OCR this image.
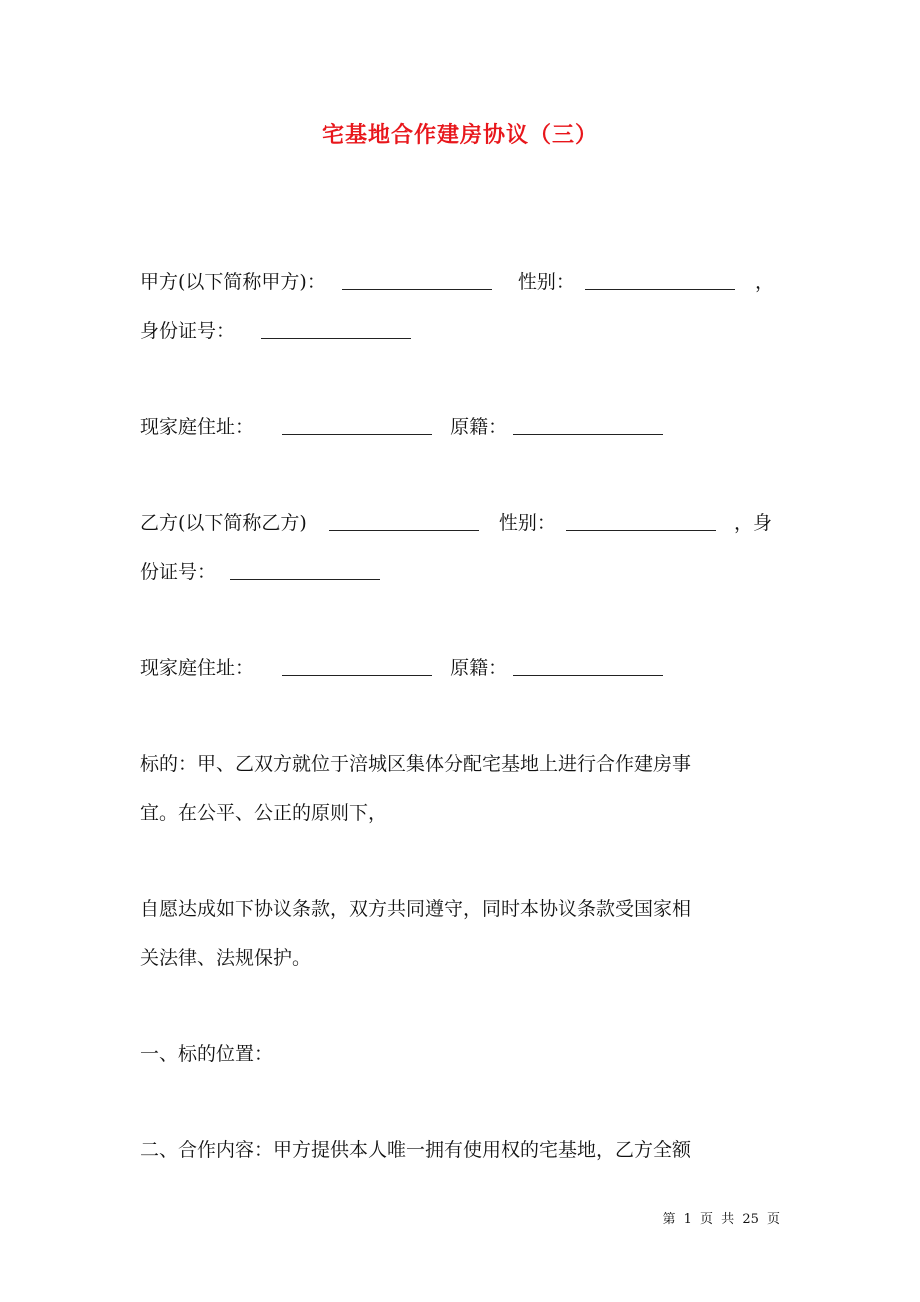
宅基地合作建房协议（三）
甲方(以下简称甲方)：	性别：	，
身份证号：
现家庭住址：	原籍：
乙方(以下简称乙方)	性别：	，身
份证号：
现家庭住址：	原籍：
标的：甲、乙双方就位于涪城区集体分配宅基地上进行合作建房事
宜。在公平、公正的原则下，
自愿达成如下协议条款，双方共同遵守，同时本协议条款受国家相
关法律、法规保护。
一、标的位置：
二、合作内容：甲方提供本人唯一拥有使用权的宅基地，乙方全额
第 1 页 共 25 页
